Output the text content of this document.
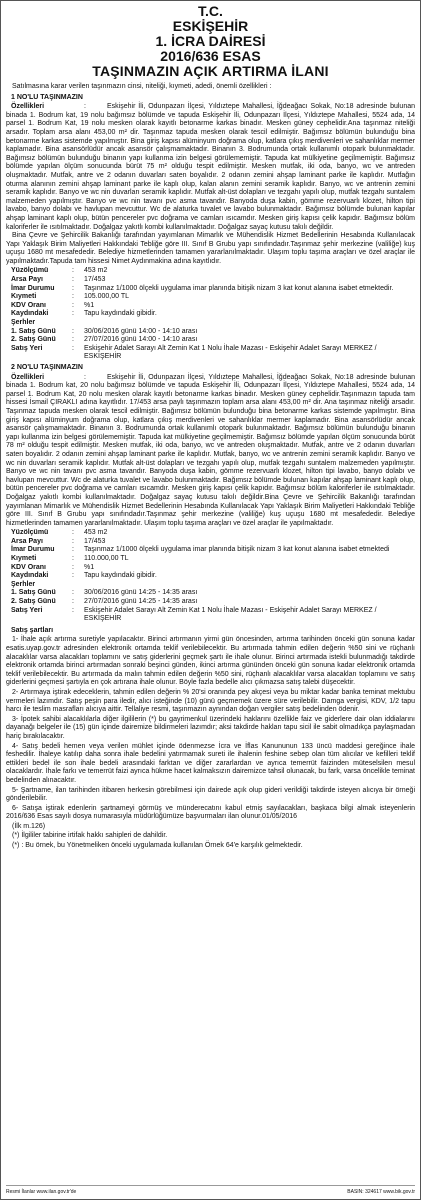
T.C.
ESKİŞEHİR
1. İCRA DAİRESİ
2016/636 ESAS
TAŞINMAZIN AÇIK ARTIRMA İLANI

Satılmasına karar verilen taşınmazın cinsi, niteliği, kıymeti, adedi, önemli özellikleri :

1 NO'LU TAŞINMAZIN
Özellikleri	:	Eskişehir İli, Odunpazarı İlçesi, Yıldıztepe Mahallesi, İğdeağacı Sokak, No:18 adresinde bulunan binada 1. Bodrum kat, 19 nolu bağımsız bölümde ve tapuda Eskişehir İli, Odunpazarı İlçesi, Yıldıztepe Mahallesi, 5524 ada, 14 parsel 1. Bodrum Kat, 19 nolu mesken olarak kayıtlı betonarme karkas binadır. Mesken güney cephelidir.Ana taşınmaz niteliği arsadır. Toplam arsa alanı 453,00 m² dir. Taşınmaz tapuda mesken olarak tescil edilmiştir. Bağımsız bölümün bulunduğu bina betonarme karkas sistemde yapılmıştır. Bina giriş kapısı alüminyum doğrama olup, katlara çıkış merdivenleri ve sahanlıklar mermer kaplamadır. Bina asansörlüdür ancak asansör çalışmamaktadır. Binanın 3. Bodrumunda ortak kullanımlı otopark bulunmaktadır. Bağımsız bölümün bulunduğu binanın yapı kullanma izin belgesi görülememiştir. Tapuda kat mülkiyetine geçilmemiştir. Bağımsız bölümde yapılan ölçüm sonucunda bürüt 75 m² olduğu tespit edilmiştir. Mesken mutfak, iki oda, banyo, wc ve antreden oluşmaktadır. Mutfak, antre ve 2 odanın duvarları saten boyalıdır. 2 odanın zemini ahşap laminant parke ile kaplıdır. Mutfağın oturma alanının zemini ahşap laminant parke ile kaplı olup, kalan alanın zemini seramik kaplıdır. Banyo, wc ve antrenin zemini seramik kaplıdır. Banyo ve wc nin duvarları seramik kaplıdır. Mutfak alt-üst dolapları ve tezgahı yapılı olup, mutfak tezgahı suntalem malzemeden yapılmıştır. Banyo ve wc nin tavanı pvc asma tavandır. Banyoda duşa kabin, gömme rezervuarlı klozet, hilton tipi lavabo, banyo dolabı ve havlupan mevcuttur. Wc de alaturka tuvalet ve lavabo bulunmaktadır. Bağımsız bölümde bulunan kapılar ahşap laminant kaplı olup, bütün pencereler pvc doğrama ve camları ısıcamdır. Mesken giriş kapısı çelik kapıdır. Bağımsız bölüm kaloriferler ile ısıtılmaktadır. Doğalgaz yakıtlı kombi kullanılmaktadır. Doğalgaz sayaç kutusu takılı değildir.

Bina Çevre ve Şehircilik Bakanlığı tarafından yayımlanan Mimarlık ve Mühendislik Hizmet Bedellerinin Hesabında Kullanılacak Yapı Yaklaşık Birim Maliyetleri Hakkındaki Tebliğe göre III. Sınıf B Grubu yapı sınıfındadır.Taşınmaz şehir merkezine (valiliğe) kuş uçuşu 1680 mt mesafededir. Belediye hizmetlerinden tamamen yararlanılmaktadır. Ulaşım toplu taşıma araçları ve özel araçlar ile yapılmaktadır.Tapuda tam hissesi Nimet Aydınmakina adına kayıtlıdır.

Yüzölçümü	:	453 m2
Arsa Payı	:	17/453
İmar Durumu	:	Taşınmaz 1/1000 ölçekli uygulama imar planında bitişik nizam 3 kat konut alanına isabet etmektedir.
Kıymeti	:	105.000,00 TL
KDV Oranı	:	%1
Kaydındaki Şerhler
:	Tapu kaydındaki gibidir.
1. Satış Günü	:	30/06/2016 günü 14:00 - 14:10 arası
2. Satış Günü	:	27/07/2016 günü 14:00 - 14:10 arası
Satış Yeri	:	Eskişehir Adalet Sarayı Alt Zemin Kat 1 Nolu İhale Mazası - Eskişehir Adalet Sarayı MERKEZ / ESKİŞEHİR
2 NO'LU TAŞINMAZIN
Özellikleri	:	Eskişehir İli, Odunpazarı İlçesi, Yıldıztepe Mahallesi, İğdeağacı Sokak, No:18 adresinde bulunan binada 1. Bodrum kat, 20 nolu bağımsız bölümde ve tapuda Eskişehir İli, Odunpazarı İlçesi, Yıldıztepe Mahallesi, 5524 ada, 14 parsel 1. Bodrum Kat, 20 nolu mesken olarak kayıtlı betonarme karkas binadır. Mesken güney cephelidir.Taşınmazın tapuda tam hissesi İsmail ÇIRAKLI adına kayıtlıdır. 17/453 arsa paylı taşınmazın toplam arsa alanı 453,00 m² dir. Ana taşınmaz niteliği arsadır. Taşınmaz tapuda mesken olarak tescil edilmiştir. Bağımsız bölümün bulunduğu bina betonarme karkas sistemde yapılmıştır. Bina giriş kapısı alüminyum doğrama olup, katlara çıkış merdivenleri ve sahanlıklar mermer kaplamadır. Bina asansörlüdür ancak asansör çalışmamaktadır. Binanın 3. Bodrumunda ortak kullanımlı otopark bulunmaktadır. Bağımsız bölümün bulunduğu binanın yapı kullanma izin belgesi görülememiştir. Tapuda kat mülkiyetine geçilmemiştir. Bağımsız bölümde yapılan ölçüm sonucunda bürüt 78 m² olduğu tespit edilmiştir. Mesken mutfak, iki oda, banyo, wc ve antreden oluşmaktadır. Mutfak, antre ve 2 odanın duvarları saten boyalıdır. 2 odanın zemini ahşap laminant parke ile kaplıdır. Mutfak, banyo, wc ve antrenin zemini seramik kaplıdır. Banyo ve wc nin duvarları seramik kaplıdır. Mutfak alt-üst dolapları ve tezgahı yapılı olup, mutfak tezgahı suntalem malzemeden yapılmıştır. Banyo ve wc nin tavanı pvc asma tavandır. Banyoda duşa kabin, gömme rezervuarlı klozet, hilton tipi lavabo, banyo dolabı ve havlupan mevcuttur. Wc de alaturka tuvalet ve lavabo bulunmaktadır. Bağımsız bölümde bulunan kapılar ahşap laminant kaplı olup, bütün pencereler pvc doğrama ve camları ısıcamdır. Mesken giriş kapısı çelik kapıdır. Bağımsız bölüm kaloriferler ile ısıtılmaktadır. Doğalgaz yakıtlı kombi kullanılmaktadır. Doğalgaz sayaç kutusu takılı değildir.Bina Çevre ve Şehircilik Bakanlığı tarafından yayımlanan Mimarlık ve Mühendislik Hizmet Bedellerinin Hesabında Kullanılacak Yapı Yaklaşık Birim Maliyetleri Hakkındaki Tebliğe göre III. Sınıf B Grubu yapı sınıfındadır.Taşınmaz şehir merkezine (valiliğe) kuş uçuşu 1680 mt mesafededir. Belediye hizmetlerinden tamamen yararlanılmaktadır. Ulaşım toplu taşıma araçları ve özel araçlar ile yapılmaktadır.

Yüzölçümü	:	453 m2
Arsa Payı	:	17/453
İmar Durumu	:	Taşınmaz 1/1000 ölçekli uygulama imar planında bitişik nizam 3 kat konut alanına isabet etmektedi
Kıymeti	:	110.000,00 TL
KDV Oranı	:	%1
Kaydındaki Şerhler
:	Tapu kaydındaki gibidir.
1. Satış Günü	:	30/06/2016 günü 14:25 - 14:35 arası
2. Satış Günü	:	27/07/2016 günü 14:25 - 14:35 arası
Satış Yeri	:	Eskişehir Adalet Sarayı Alt Zemin Kat 1 Nolu İhale Mazası - Eskişehir Adalet Sarayı MERKEZ / ESKİŞEHİR
Satış şartları

1- İhale açık artırma suretiyle yapılacaktır. Birinci artırmanın yirmi gün öncesinden, artırma tarihinden önceki gün sonuna kadar esatis.uyap.gov.tr adresinden elektronik ortamda teklif verilebilecektir. Bu artırmada tahmin edilen değerin %50 sini ve rüçhanlı alacaklılar varsa alacakları toplamını ve satış giderlerini geçmek şartı ile ihale olunur. Birinci artırmada istekli bulunmadığı takdirde elektronik ortamda birinci artırmadan sonraki beşinci günden, ikinci artırma gününden önceki gün sonuna kadar elektronik ortamda teklif verilebilecektir. Bu artırmada da malın tahmin edilen değerin %50 sini, rüçhanlı alacaklılar varsa alacakları toplamını ve satış giderlerini geçmesi şartıyla en çok artırana ihale olunur. Böyle fazla bedelle alıcı çıkmazsa satış talebi düşecektir.

2- Artırmaya iştirak edeceklerin, tahmin edilen değerin % 20'si oranında pey akçesi veya bu miktar kadar banka teminat mektubu vermeleri lazımdır. Satış peşin para iledir, alıcı isteğinde (10) günü geçmemek üzere süre verilebilir. Damga vergisi, KDV, 1/2 tapu harcı ile teslim masrafları alıcıya aittir. Tellaliye resmi, taşınmazın aynından doğan vergiler satış bedelinden ödenir.

3- İpotek sahibi alacaklılarla diğer ilgililerin (*) bu gayrimenkul üzerindeki haklarını özellikle faiz ve giderlere dair olan iddialarını dayanağı belgeler ile (15) gün içinde dairemize bildirmeleri lazımdır; aksi takdirde hakları tapu sicil ile sabit olmadıkça paylaşmadan hariç bırakılacaktır.

4- Satış bedeli hemen veya verilen mühlet içinde ödenmezse İcra ve İflas Kanununun 133 üncü maddesi gereğince ihale feshedilir. İhaleye katılıp daha sonra ihale bedelini yatırmamak sureti ile ihalenin feshine sebep olan tüm alıcılar ve kefilleri teklif ettikleri bedel ile son ihale bedeli arasındaki farktan ve diğer zararlardan ve ayrıca temerrüt faizinden müteselsilen mesul olacaklardır. İhale farkı ve temerrüt faizi ayrıca hükme hacet kalmaksızın dairemizce tahsil olunacak, bu fark, varsa öncelikle teminat bedelinden alınacaktır.

5- Şartname, ilan tarihinden itibaren herkesin görebilmesi için dairede açık olup gideri verildiği takdirde isteyen alıcıya bir örneği gönderilebilir.

6- Satışa iştirak edenlerin şartnameyi görmüş ve münderecatını kabul etmiş sayılacakları, başkaca bilgi almak isteyenlerin 2016/636 Esas sayılı dosya numarasıyla müdürlüğümüze başvurmaları ilan olunur.01/05/2016

(İlk m.126)

(*) İlgililer tabirine irtifak hakkı sahipleri de dahildir.

(*) : Bu örnek, bu Yönetmeliken önceki uygulamada kullanılan Örnek 64'e karşılık gelmektedir.

Resmi İlanlar www.ilan.gov.tr'de	BASIN: 324617 www.bik.gov.tr
